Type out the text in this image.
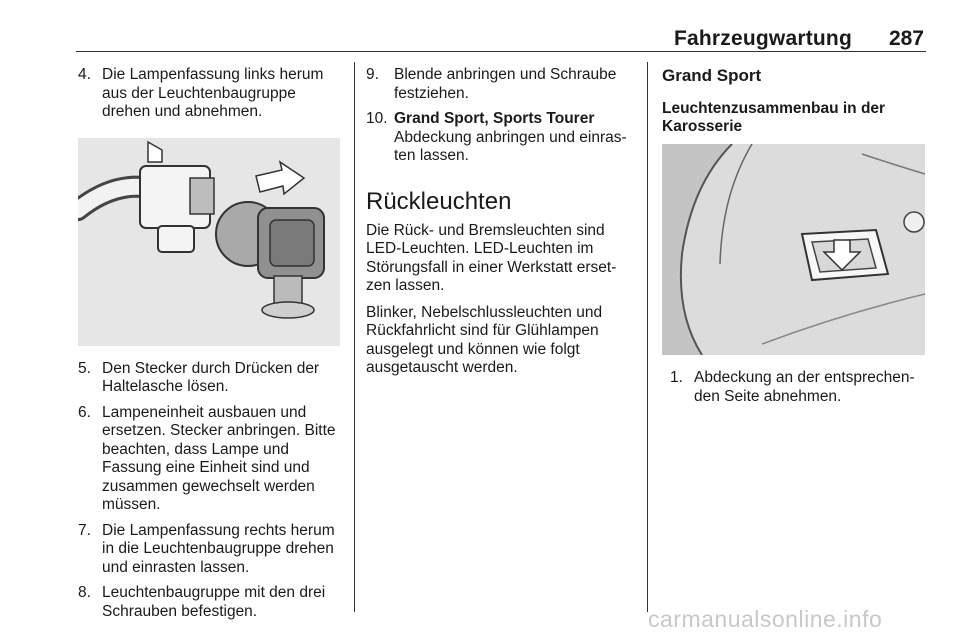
Fahrzeugwartung 287
4. Die Lampenfassung links herum aus der Leuchtenbaugruppe drehen und abnehmen.
5. Den Stecker durch Drücken der Haltelasche lösen.
6. Lampeneinheit ausbauen und ersetzen. Stecker anbringen. Bitte beachten, dass Lampe und Fassung eine Einheit sind und zusammen gewechselt werden müssen.
7. Die Lampenfassung rechts herum in die Leuchtenbaugruppe drehen und einrasten lassen.
8. Leuchtenbaugruppe mit den drei Schrauben befestigen.
9. Blende anbringen und Schraube festziehen.
10. Grand Sport, Sports Tourer
Abdeckung anbringen und einras-ten lassen.
Rückleuchten

Die Rück- und Bremsleuchten sind LED-Leuchten. LED-Leuchten im Störungsfall in einer Werkstatt erset-zen lassen.

Blinker, Nebelschlussleuchten und Rückfahrlicht sind für Glühlampen ausgelegt und können wie folgt ausgetauscht werden.

Grand Sport
Leuchtenzusammenbau in der Karosserie
1. Abdeckung an der entsprechen-den Seite abnehmen.
carmanualsonline.info
